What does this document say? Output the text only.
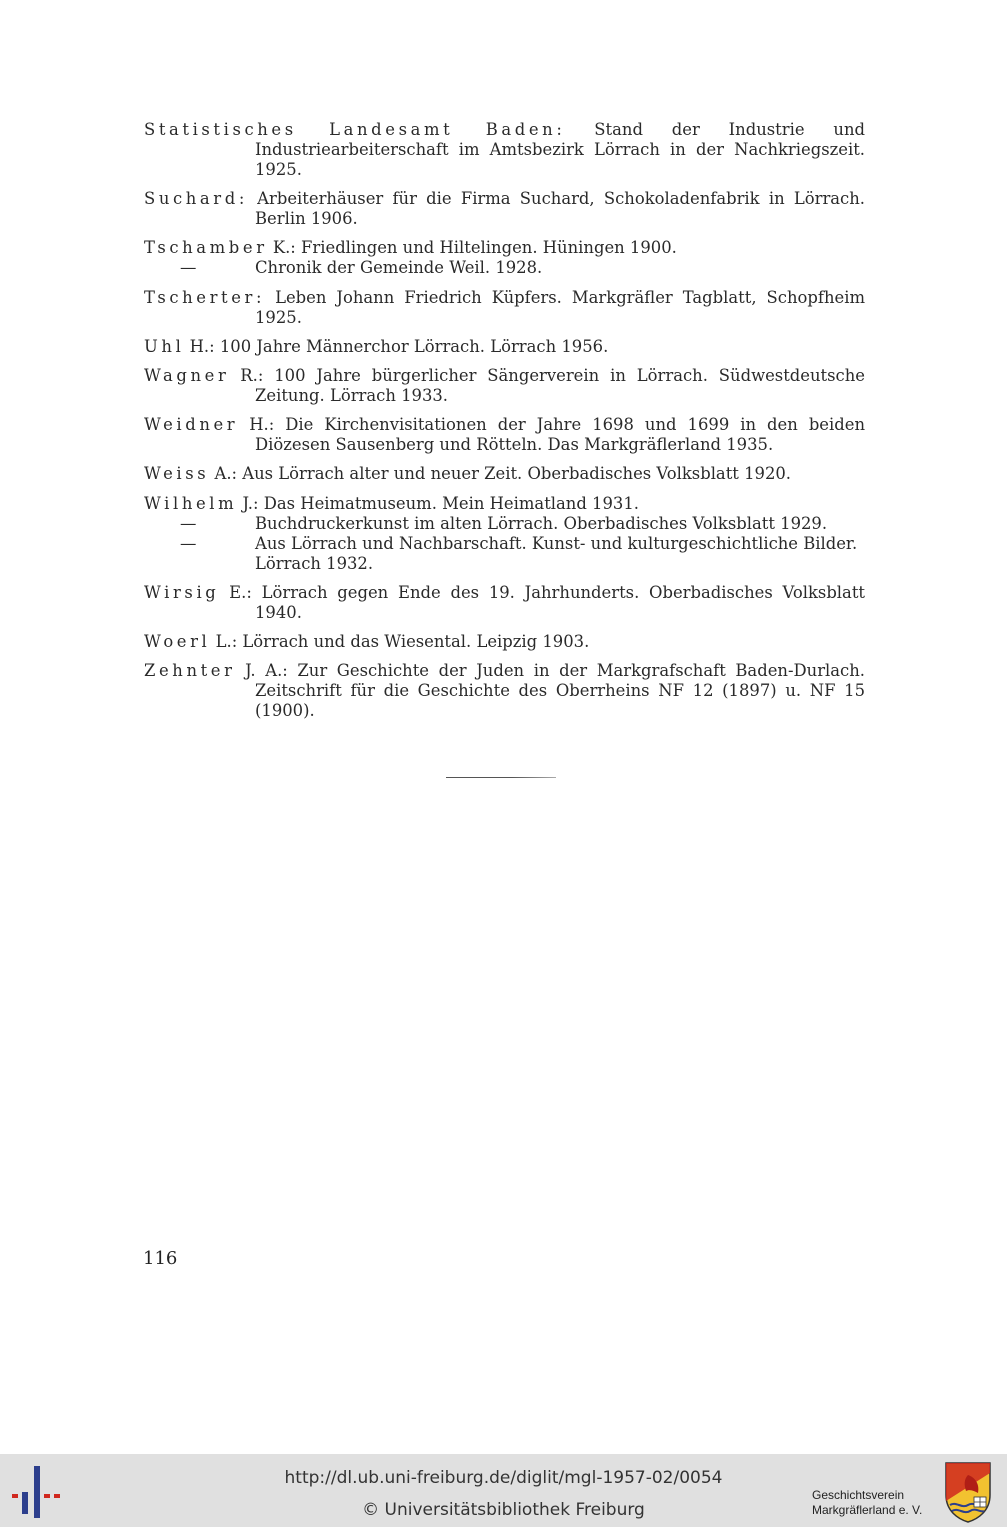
Statistisches Landesamt Baden: Stand der Industrie und Industriearbeiterschaft im Amtsbezirk Lörrach in der Nachkriegszeit. 1925.
Suchard: Arbeiterhäuser für die Firma Suchard, Schokoladenfabrik in Lörrach. Berlin 1906.
Tschamber K.: Friedlingen und Hiltelingen. Hüningen 1900.
—	Chronik der Gemeinde Weil. 1928.
Tscherter: Leben Johann Friedrich Küpfers. Markgräfler Tagblatt, Schopfheim 1925.
Uhl H.: 100 Jahre Männerchor Lörrach. Lörrach 1956.
Wagner R.: 100 Jahre bürgerlicher Sängerverein in Lörrach. Südwestdeutsche Zeitung. Lörrach 1933.
Weidner H.: Die Kirchenvisitationen der Jahre 1698 und 1699 in den beiden Diözesen Sausenberg und Rötteln. Das Markgräflerland 1935.
Weiss A.: Aus Lörrach alter und neuer Zeit. Oberbadisches Volksblatt 1920.
Wilhelm J.: Das Heimatmuseum. Mein Heimatland 1931.
—	Buchdruckerkunst im alten Lörrach. Oberbadisches Volksblatt 1929.
—	Aus Lörrach und Nachbarschaft. Kunst- und kulturgeschichtliche Bilder. Lörrach 1932.
Wirsig E.: Lörrach gegen Ende des 19. Jahrhunderts. Oberbadisches Volksblatt 1940.
Woerl L.: Lörrach und das Wiesental. Leipzig 1903.
Zehnter J. A.: Zur Geschichte der Juden in der Markgrafschaft Baden-Durlach. Zeitschrift für die Geschichte des Oberrheins NF 12 (1897) u. NF 15 (1900).
116
http://dl.ub.uni-freiburg.de/diglit/mgl-1957-02/0054
© Universitätsbibliothek Freiburg
Geschichtsverein
Markgräflerland e. V.
